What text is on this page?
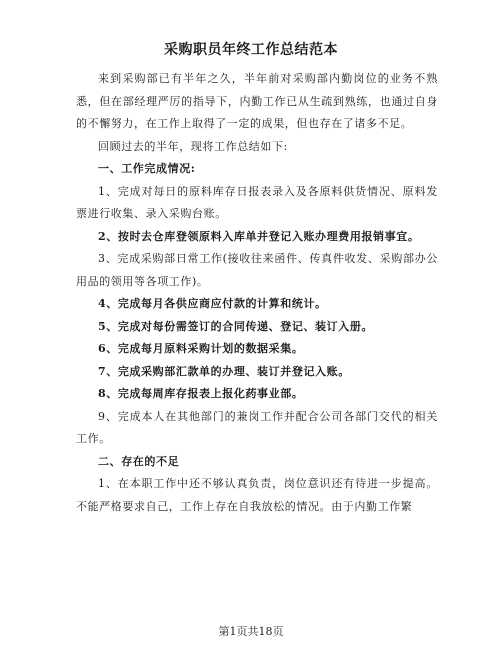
采购职员年终工作总结范本

来到采购部已有半年之久，半年前对采购部内勤岗位的业务不熟悉，但在部经理严厉的指导下，内勤工作已从生疏到熟练，也通过自身的不懈努力，在工作上取得了一定的成果，但也存在了诸多不足。

回顾过去的半年，现将工作总结如下:

一、工作完成情况:

1、完成对每日的原料库存日报表录入及各原料供货情况、原料发票进行收集、录入采购台账。

2、按时去仓库登领原料入库单并登记入账办理费用报销事宜。

3、完成采购部日常工作(接收往来函件、传真件收发、采购部办公用品的领用等各项工作)。

4、完成每月各供应商应付款的计算和统计。

5、完成对每份需签订的合同传递、登记、装订入册。

6、完成每月原料采购计划的数据采集。

7、完成采购部汇款单的办理、装订并登记入账。

8、完成每周库存报表上报化药事业部。

9、完成本人在其他部门的兼岗工作并配合公司各部门交代的相关工作。

二、存在的不足

1、在本职工作中还不够认真负责，岗位意识还有待进一步提高。不能严格要求自己，工作上存在自我放松的情况。由于内勤工作繁

第1页共18页
